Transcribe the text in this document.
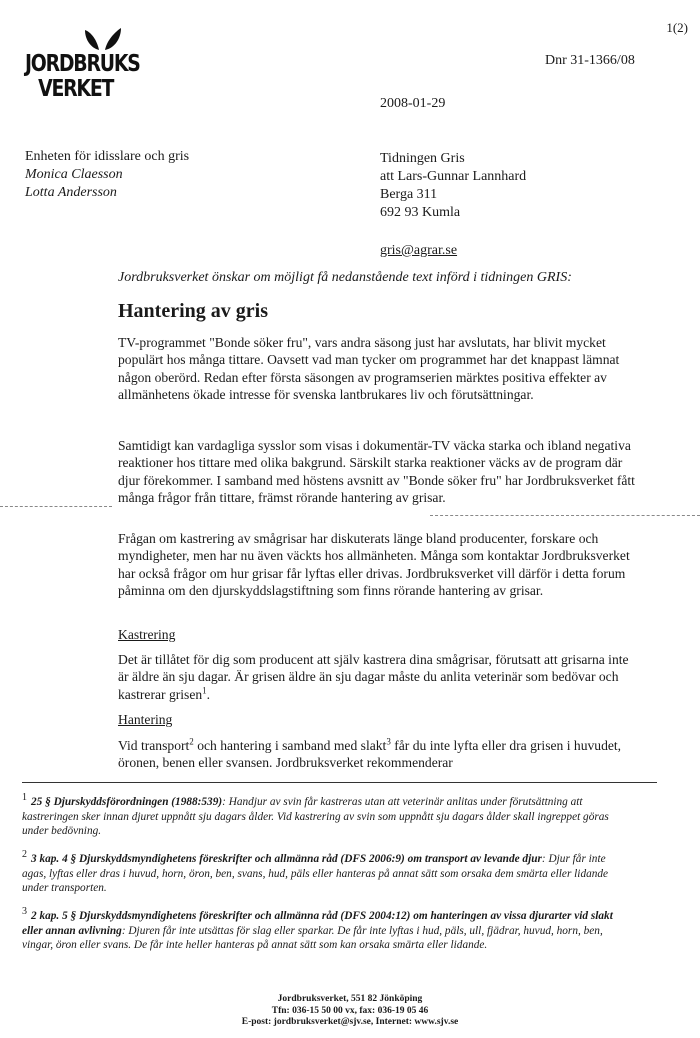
1(2)
JORDBRUKS
VERKET
Dnr 31-1366/08
2008-01-29
Enheten för idisslare och gris
Monica Claesson
Lotta Andersson
Tidningen Gris
att Lars-Gunnar Lannhard
Berga 311
692 93 Kumla
gris@agrar.se
Jordbruksverket önskar om möjligt få nedanstående text införd i tidningen GRIS:
Hantering av gris
TV-programmet "Bonde söker fru", vars andra säsong just har avslutats, har blivit mycket populärt hos många tittare. Oavsett vad man tycker om programmet har det knappast lämnat någon oberörd. Redan efter första säsongen av programserien märktes positiva effekter av allmänhetens ökade intresse för svenska lantbrukares liv och förutsättningar.
Samtidigt kan vardagliga sysslor som visas i dokumentär-TV väcka starka och ibland negativa reaktioner hos tittare med olika bakgrund. Särskilt starka reaktioner väcks av de program där djur förekommer. I samband med höstens avsnitt av "Bonde söker fru" har Jordbruksverket fått många frågor från tittare, främst rörande hantering av grisar.
Frågan om kastrering av smågrisar har diskuterats länge bland producenter, forskare och myndigheter, men har nu även väckts hos allmänheten. Många som kontaktar Jordbruksverket har också frågor om hur grisar får lyftas eller drivas. Jordbruksverket vill därför i detta forum påminna om den djurskyddslagstiftning som finns rörande hantering av grisar.
Kastrering
Det är tillåtet för dig som producent att själv kastrera dina smågrisar, förutsatt att grisarna inte är äldre än sju dagar. Är grisen äldre än sju dagar måste du anlita veterinär som bedövar och kastrerar grisen$^1$.
Hantering
Vid transport$^2$ och hantering i samband med slakt$^3$ får du inte lyfta eller dra grisen i huvudet, öronen, benen eller svansen. Jordbruksverket rekommenderar
1 25 § Djurskyddsförordningen (1988:539): Handjur av svin får kastreras utan att veterinär anlitas under förutsättning att kastreringen sker innan djuret uppnått sju dagars ålder. Vid kastrering av svin som uppnått sju dagars ålder skall ingreppet göras under bedövning.
2 3 kap. 4 § Djurskyddsmyndighetens föreskrifter och allmänna råd (DFS 2006:9) om transport av levande djur: Djur får inte agas, lyftas eller dras i huvud, horn, öron, ben, svans, hud, päls eller hanteras på annat sätt som orsaka dem smärta eller lidande under transporten.
3 2 kap. 5 § Djurskyddsmyndighetens föreskrifter och allmänna råd (DFS 2004:12) om hanteringen av vissa djurarter vid slakt eller annan avlivning: Djuren får inte utsättas för slag eller sparkar. De får inte lyftas i hud, päls, ull, fjädrar, huvud, horn, ben, vingar, öron eller svans. De får inte heller hanteras på annat sätt som kan orsaka smärta eller lidande.
Jordbruksverket, 551 82 Jönköping
Tfn: 036-15 50 00 vx, fax: 036-19 05 46
E-post: jordbruksverket@sjv.se, Internet: www.sjv.se
